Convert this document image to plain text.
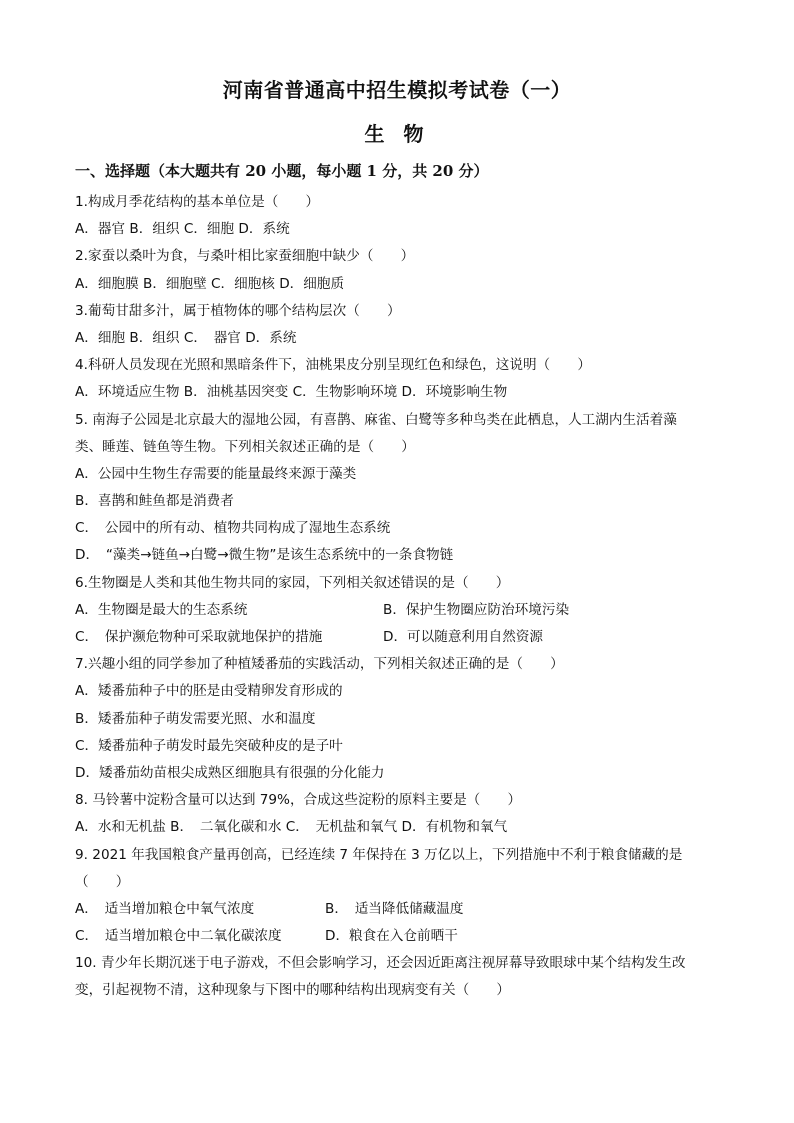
河南省普通高中招生模拟考试卷（一）
生 物
一、选择题（本大题共有 20 小题，每小题 1 分，共 20 分）
1.构成月季花结构的基本单位是（　　）
A．器官 B．组织 C．细胞 D．系统
2.家蚕以桑叶为食，与桑叶相比家蚕细胞中缺少（　　）
A．细胞膜 B．细胞壁 C．细胞核 D．细胞质
3.葡萄甘甜多汁，属于植物体的哪个结构层次（　　）
A．细胞 B．组织 C．　器官 D．系统
4.科研人员发现在光照和黑暗条件下，油桃果皮分别呈现红色和绿色，这说明（　　）
A．环境适应生物 B．油桃基因突变 C．生物影响环境 D．环境影响生物
5. 南海子公园是北京最大的湿地公园，有喜鹊、麻雀、白鹭等多种鸟类在此栖息，人工湖内生活着藻
类、睡莲、链鱼等生物。下列相关叙述正确的是（　　）
A．公园中生物生存需要的能量最终来源于藻类
B．喜鹊和鲑鱼都是消费者
C．　公园中的所有动、植物共同构成了湿地生态系统
D．　“藻类→链鱼→白鹭→微生物”是该生态系统中的一条食物链
6.生物圈是人类和其他生物共同的家园，下列相关叙述错误的是（　　）
A．生物圈是最大的生态系统	B．保护生物圈应防治环境污染
C．　保护濒危物种可采取就地保护的措施	D．可以随意利用自然资源
7.兴趣小组的同学参加了种植矮番茄的实践活动，下列相关叙述正确的是（　　）
A．矮番茄种子中的胚是由受精卵发育形成的
B．矮番茄种子萌发需要光照、水和温度
C．矮番茄种子萌发时最先突破种皮的是子叶
D．矮番茄幼苗根尖成熟区细胞具有很强的分化能力
8. 马铃薯中淀粉含量可以达到 79%，合成这些淀粉的原料主要是（　　）
A．水和无机盐 B．　二氧化碳和水 C．　无机盐和氧气 D．有机物和氧气
9. 2021 年我国粮食产量再创高，已经连续 7 年保持在 3 万亿以上，下列措施中不利于粮食储藏的是
（　　）
A．　适当增加粮仓中氧气浓度	B．　适当降低储藏温度
C．　适当增加粮仓中二氧化碳浓度	D．粮食在入仓前晒干
10. 青少年长期沉迷于电子游戏，不但会影响学习，还会因近距离注视屏幕导致眼球中某个结构发生改
变，引起视物不清，这种现象与下图中的哪种结构出现病变有关（　　）
